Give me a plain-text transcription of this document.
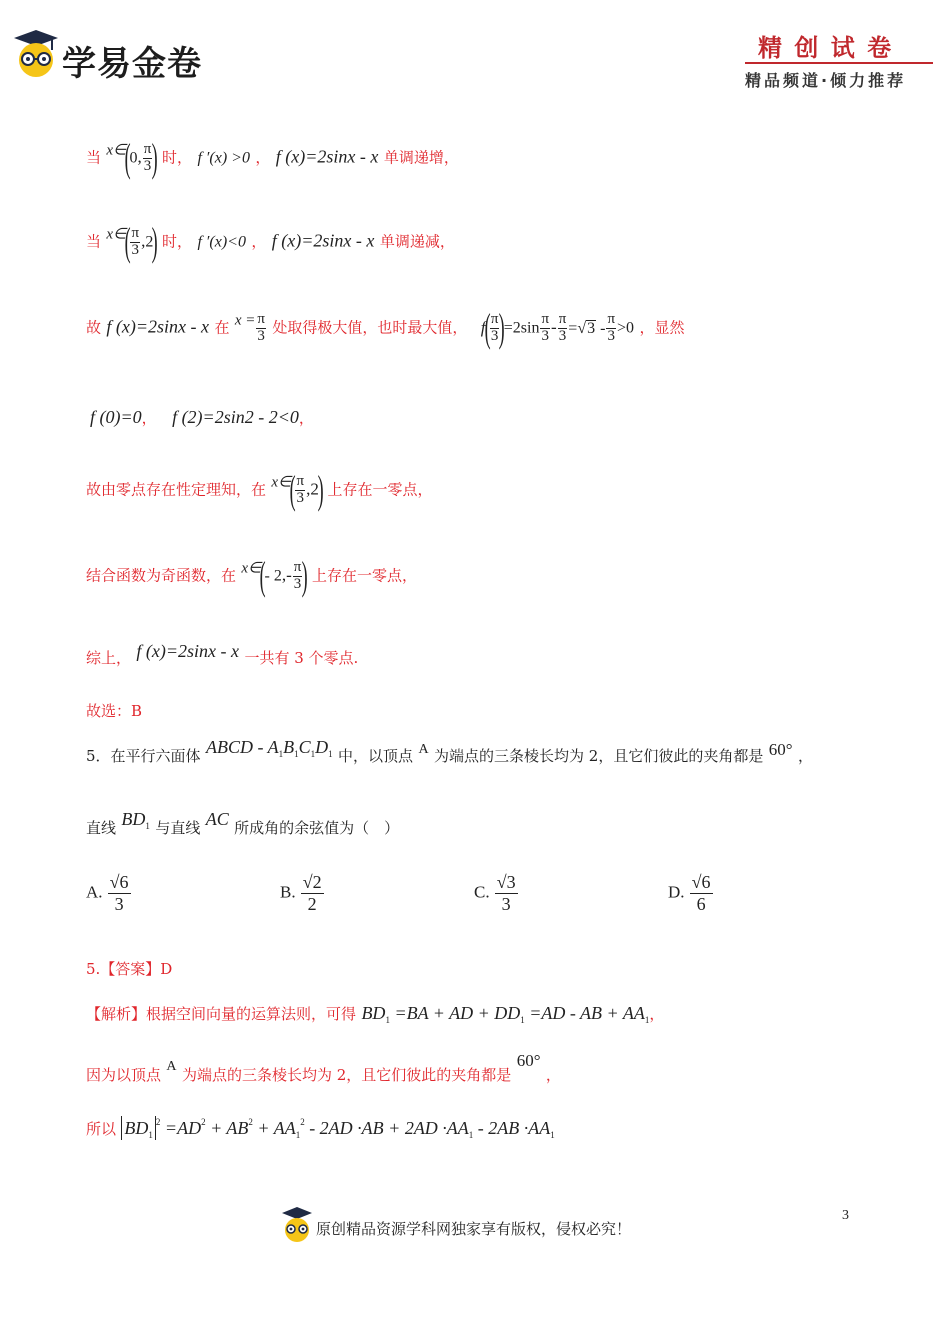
学易金卷	精 创 试 卷
精品频道·倾力推荐
当 x∈(0, $\frac{\pi}{3}$ ) 时， f ′(x) >0 ， f (x)=2sinx - x 单调递增，
当 x∈( $\frac{\pi}{3} ,2$) 时， f ′(x)<0 ， f (x)=2sinx - x 单调递减，
故 f (x)=2sinx - x 在 $x = \frac{\pi}{3}$ 处取得极大值，也时最大值， $f( \frac{\pi}{3} )=2\sin \frac{\pi}{3} - \frac{\pi}{3} =√3 - \frac{\pi}{3} >0$ ，显然
f (0)=0， f (2)=2sin2 - 2<0，
故由零点存在性定理知，在 x∈( $\frac{\pi}{3} ,2$) 上存在一零点，
结合函数为奇函数，在 x∈(- $2,- \frac{\pi}{3}$ ) 上存在一零点，
综上， f (x)=2sinx - x 一共有 3 个零点.
故选：B
5．在平行六面体 ABCD - $A_1B_1C_1D_1$ 中，以顶点 $^A$ 为端点的三条棱长均为 2，且它们彼此的夹角都是 60° ，
直线 $BD_1$ 与直线 AC 所成角的余弦值为（　）
A. $\frac{√6}{3}$	B. $\frac{√2}{2}$	C. $\frac{√3}{3}$	D. $\frac{√6}{6}$
5.【答案】D
【解析】根据空间向量的运算法则，可得 $BD_1 =BA$ + AD + $DD_1 =AD$ - AB + $AA_1$，
因为以顶点 $^A$ 为端点的三条棱长均为 2，且它们彼此的夹角都是 60° ，
所以 $BD_1^2 =AD^2 + AB^2 + AA_1^2 - 2AD \cdot AB + 2AD \cdot AA_1 - 2AB \cdot AA_1$
3
原创精品资源学科网独家享有版权，侵权必究！
